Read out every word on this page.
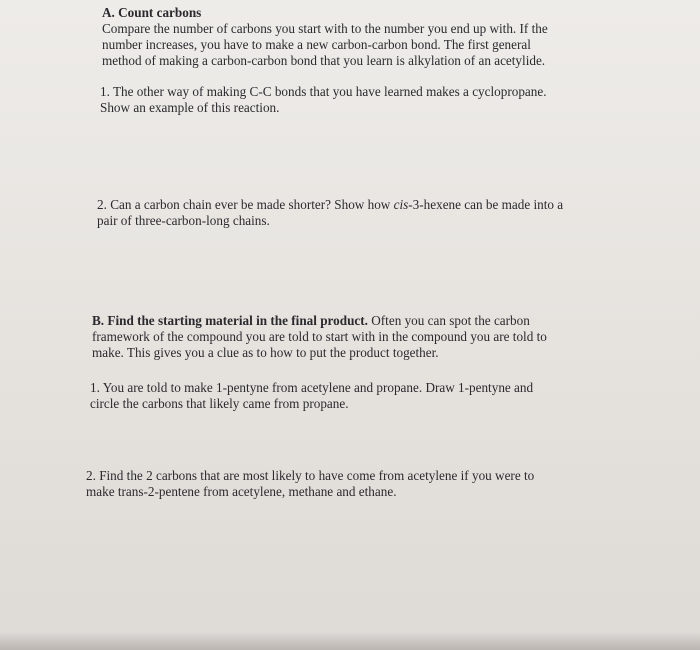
A. Count carbons
Compare the number of carbons you start with to the number you end up with. If the
number increases, you have to make a new carbon-carbon bond. The first general
method of making a carbon-carbon bond that you learn is alkylation of an acetylide.
1. The other way of making C-C bonds that you have learned makes a cyclopropane.
Show an example of this reaction.
2. Can a carbon chain ever be made shorter? Show how cis-3-hexene can be made into a
pair of three-carbon-long chains.
B. Find the starting material in the final product. Often you can spot the carbon
framework of the compound you are told to start with in the compound you are told to
make. This gives you a clue as to how to put the product together.
1. You are told to make 1-pentyne from acetylene and propane. Draw 1-pentyne and
circle the carbons that likely came from propane.
2. Find the 2 carbons that are most likely to have come from acetylene if you were to
make trans-2-pentene from acetylene, methane and ethane.
